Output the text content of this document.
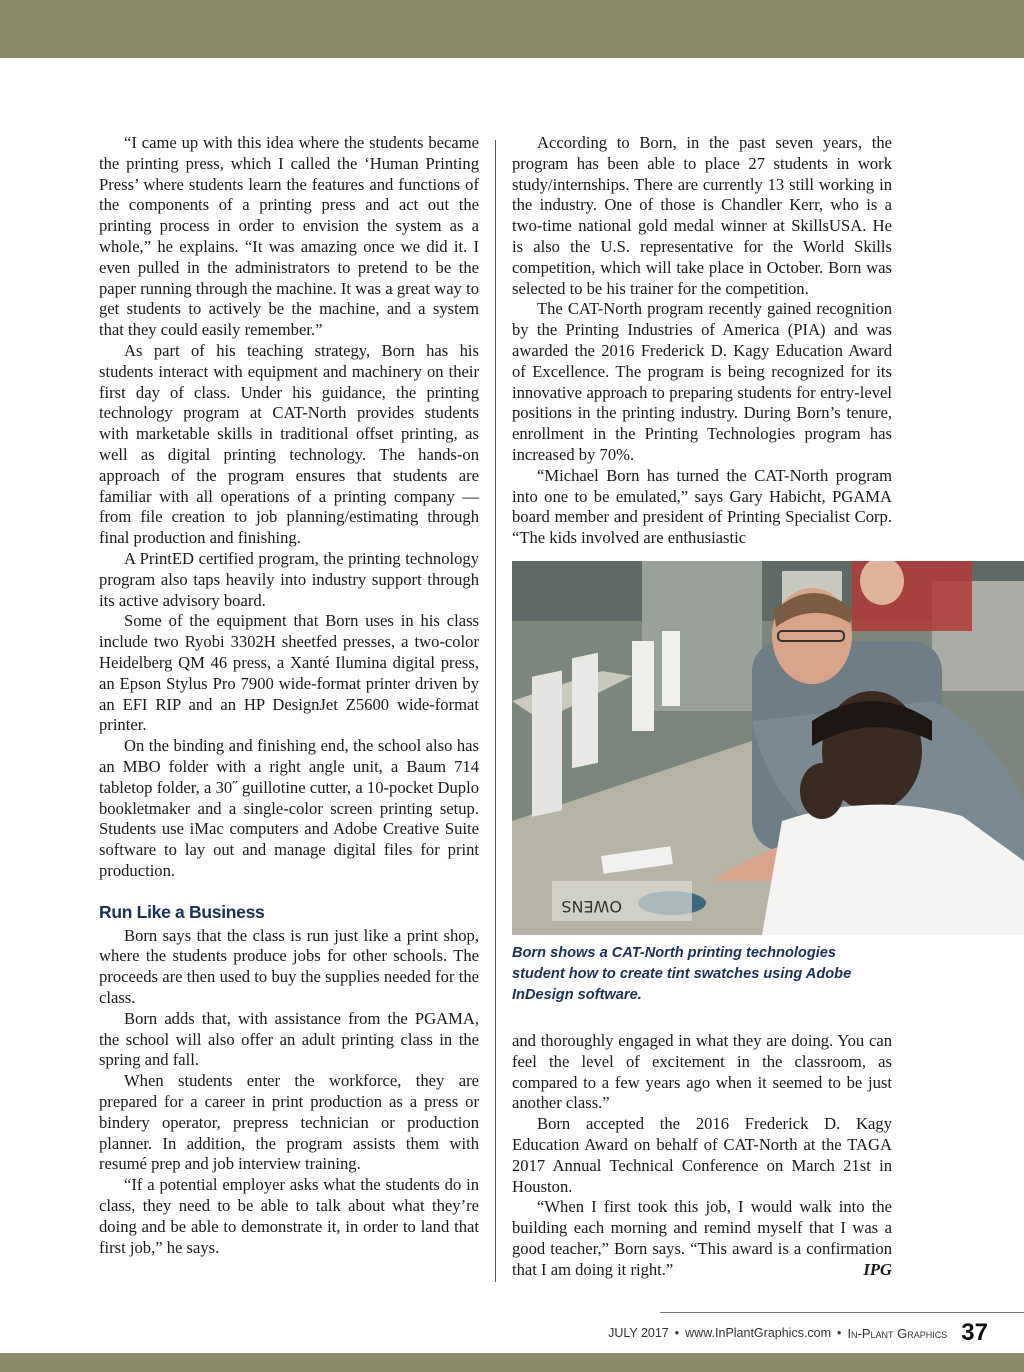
“I came up with this idea where the students became the printing press, which I called the ‘Human Printing Press’ where students learn the features and functions of the components of a printing press and act out the printing process in order to envision the system as a whole,” he explains. “It was amazing once we did it. I even pulled in the administrators to pretend to be the paper running through the machine. It was a great way to get students to actively be the machine, and a system that they could easily remember.”

As part of his teaching strategy, Born has his students interact with equipment and machinery on their first day of class. Under his guidance, the printing technology program at CAT-North provides students with marketable skills in traditional offset printing, as well as digital printing technology. The hands-on approach of the program ensures that students are familiar with all operations of a printing company — from file creation to job planning/estimating through final production and finishing.

A PrintED certified program, the printing technology program also taps heavily into industry support through its active advisory board.

Some of the equipment that Born uses in his class include two Ryobi 3302H sheetfed presses, a two-color Heidelberg QM 46 press, a Xanté Ilumina digital press, an Epson Stylus Pro 7900 wide-format printer driven by an EFI RIP and an HP DesignJet Z5600 wide-format printer.

On the binding and finishing end, the school also has an MBO folder with a right angle unit, a Baum 714 tabletop folder, a 30˝ guillotine cutter, a 10-pocket Duplo bookletmaker and a single-color screen printing setup. Students use iMac computers and Adobe Creative Suite software to lay out and manage digital files for print production.

Run Like a Business

Born says that the class is run just like a print shop, where the students produce jobs for other schools. The proceeds are then used to buy the supplies needed for the class.

Born adds that, with assistance from the PGAMA, the school will also offer an adult printing class in the spring and fall.

When students enter the workforce, they are prepared for a career in print production as a press or bindery operator, prepress technician or production planner. In addition, the program assists them with resumé prep and job interview training.

“If a potential employer asks what the students do in class, they need to be able to talk about what they’re doing and be able to demonstrate it, in order to land that first job,” he says.

According to Born, in the past seven years, the program has been able to place 27 students in work study/internships. There are currently 13 still working in the industry. One of those is Chandler Kerr, who is a two-time national gold medal winner at SkillsUSA. He is also the U.S. representative for the World Skills competition, which will take place in October. Born was selected to be his trainer for the competition.

The CAT-North program recently gained recognition by the Printing Industries of America (PIA) and was awarded the 2016 Frederick D. Kagy Education Award of Excellence. The program is being recognized for its innovative approach to preparing students for entry-level positions in the printing industry. During Born’s tenure, enrollment in the Printing Technologies program has increased by 70%.

“Michael Born has turned the CAT-North program into one to be emulated,” says Gary Habicht, PGAMA board member and president of Printing Specialist Corp. “The kids involved are enthusiastic

OWENS
Born shows a CAT-North printing technologies student how to create tint swatches using Adobe InDesign software.

and thoroughly engaged in what they are doing. You can feel the level of excitement in the classroom, as compared to a few years ago when it seemed to be just another class.”

Born accepted the 2016 Frederick D. Kagy Education Award on behalf of CAT-North at the TAGA 2017 Annual Technical Conference on March 21st in Houston.

“When I first took this job, I would walk into the building each morning and remind myself that I was a good teacher,” Born says. “This award is a confirmation that I am doing it right.”	IPG

JULY 2017 • www.InPlantGraphics.com • In-Plant Graphics 37
